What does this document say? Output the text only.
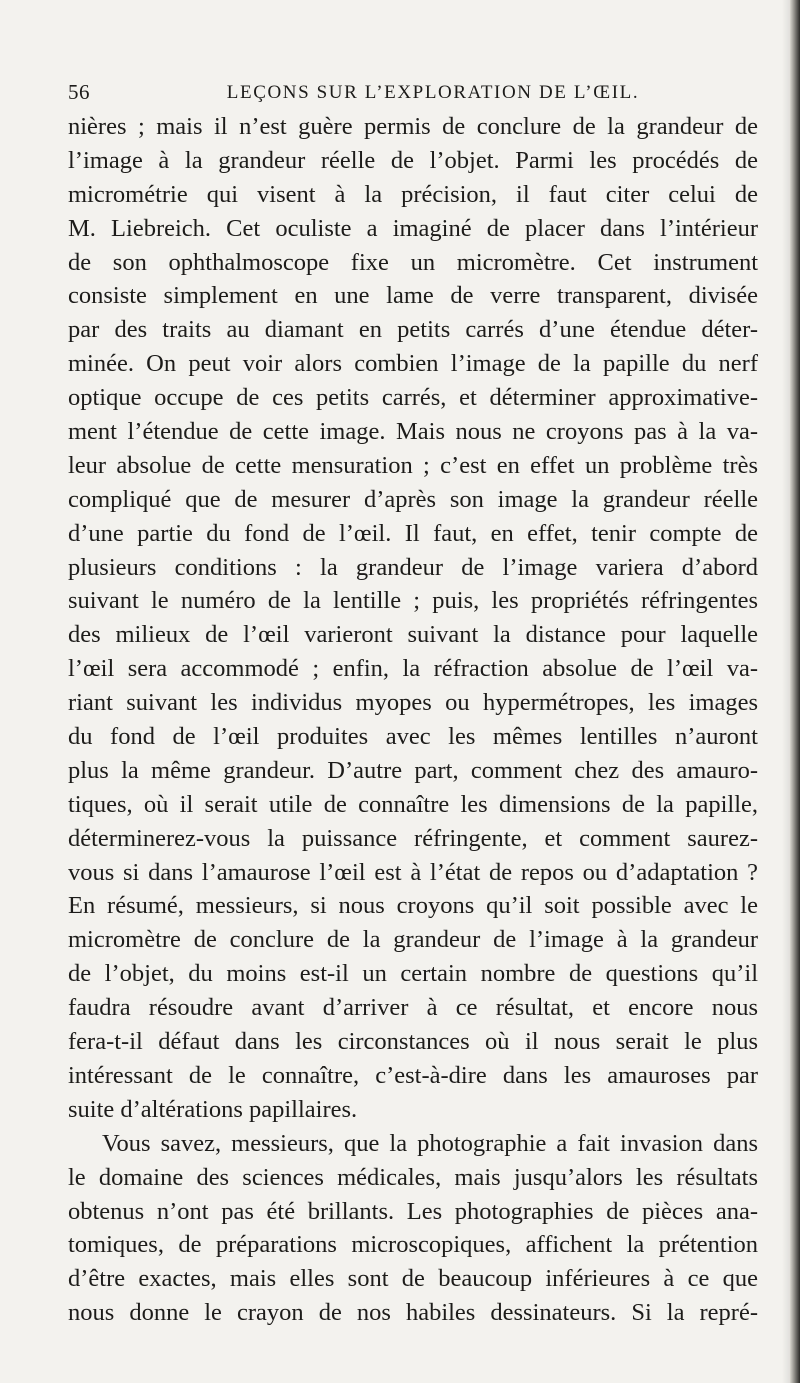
56	LEÇONS SUR L’EXPLORATION DE L’ŒIL.
nières ; mais il n’est guère permis de conclure de la grandeur de
l’image à la grandeur réelle de l’objet. Parmi les procédés de
micrométrie qui visent à la précision, il faut citer celui de
M. Liebreich. Cet oculiste a imaginé de placer dans l’intérieur
de son ophthalmoscope fixe un micromètre. Cet instrument
consiste simplement en une lame de verre transparent, divisée
par des traits au diamant en petits carrés d’une étendue déter-
minée. On peut voir alors combien l’image de la papille du nerf
optique occupe de ces petits carrés, et déterminer approximative-
ment l’étendue de cette image. Mais nous ne croyons pas à la va-
leur absolue de cette mensuration ; c’est en effet un problème très
compliqué que de mesurer d’après son image la grandeur réelle
d’une partie du fond de l’œil. Il faut, en effet, tenir compte de
plusieurs conditions : la grandeur de l’image variera d’abord
suivant le numéro de la lentille ; puis, les propriétés réfringentes
des milieux de l’œil varieront suivant la distance pour laquelle
l’œil sera accommodé ; enfin, la réfraction absolue de l’œil va-
riant suivant les individus myopes ou hypermétropes, les images
du fond de l’œil produites avec les mêmes lentilles n’auront
plus la même grandeur. D’autre part, comment chez des amauro-
tiques, où il serait utile de connaître les dimensions de la papille,
déterminerez-vous la puissance réfringente, et comment saurez-
vous si dans l’amaurose l’œil est à l’état de repos ou d’adaptation ?
En résumé, messieurs, si nous croyons qu’il soit possible avec le
micromètre de conclure de la grandeur de l’image à la grandeur
de l’objet, du moins est-il un certain nombre de questions qu’il
faudra résoudre avant d’arriver à ce résultat, et encore nous
fera-t-il défaut dans les circonstances où il nous serait le plus
intéressant de le connaître, c’est-à-dire dans les amauroses par
suite d’altérations papillaires.
Vous savez, messieurs, que la photographie a fait invasion dans
le domaine des sciences médicales, mais jusqu’alors les résultats
obtenus n’ont pas été brillants. Les photographies de pièces ana-
tomiques, de préparations microscopiques, affichent la prétention
d’être exactes, mais elles sont de beaucoup inférieures à ce que
nous donne le crayon de nos habiles dessinateurs. Si la repré-
